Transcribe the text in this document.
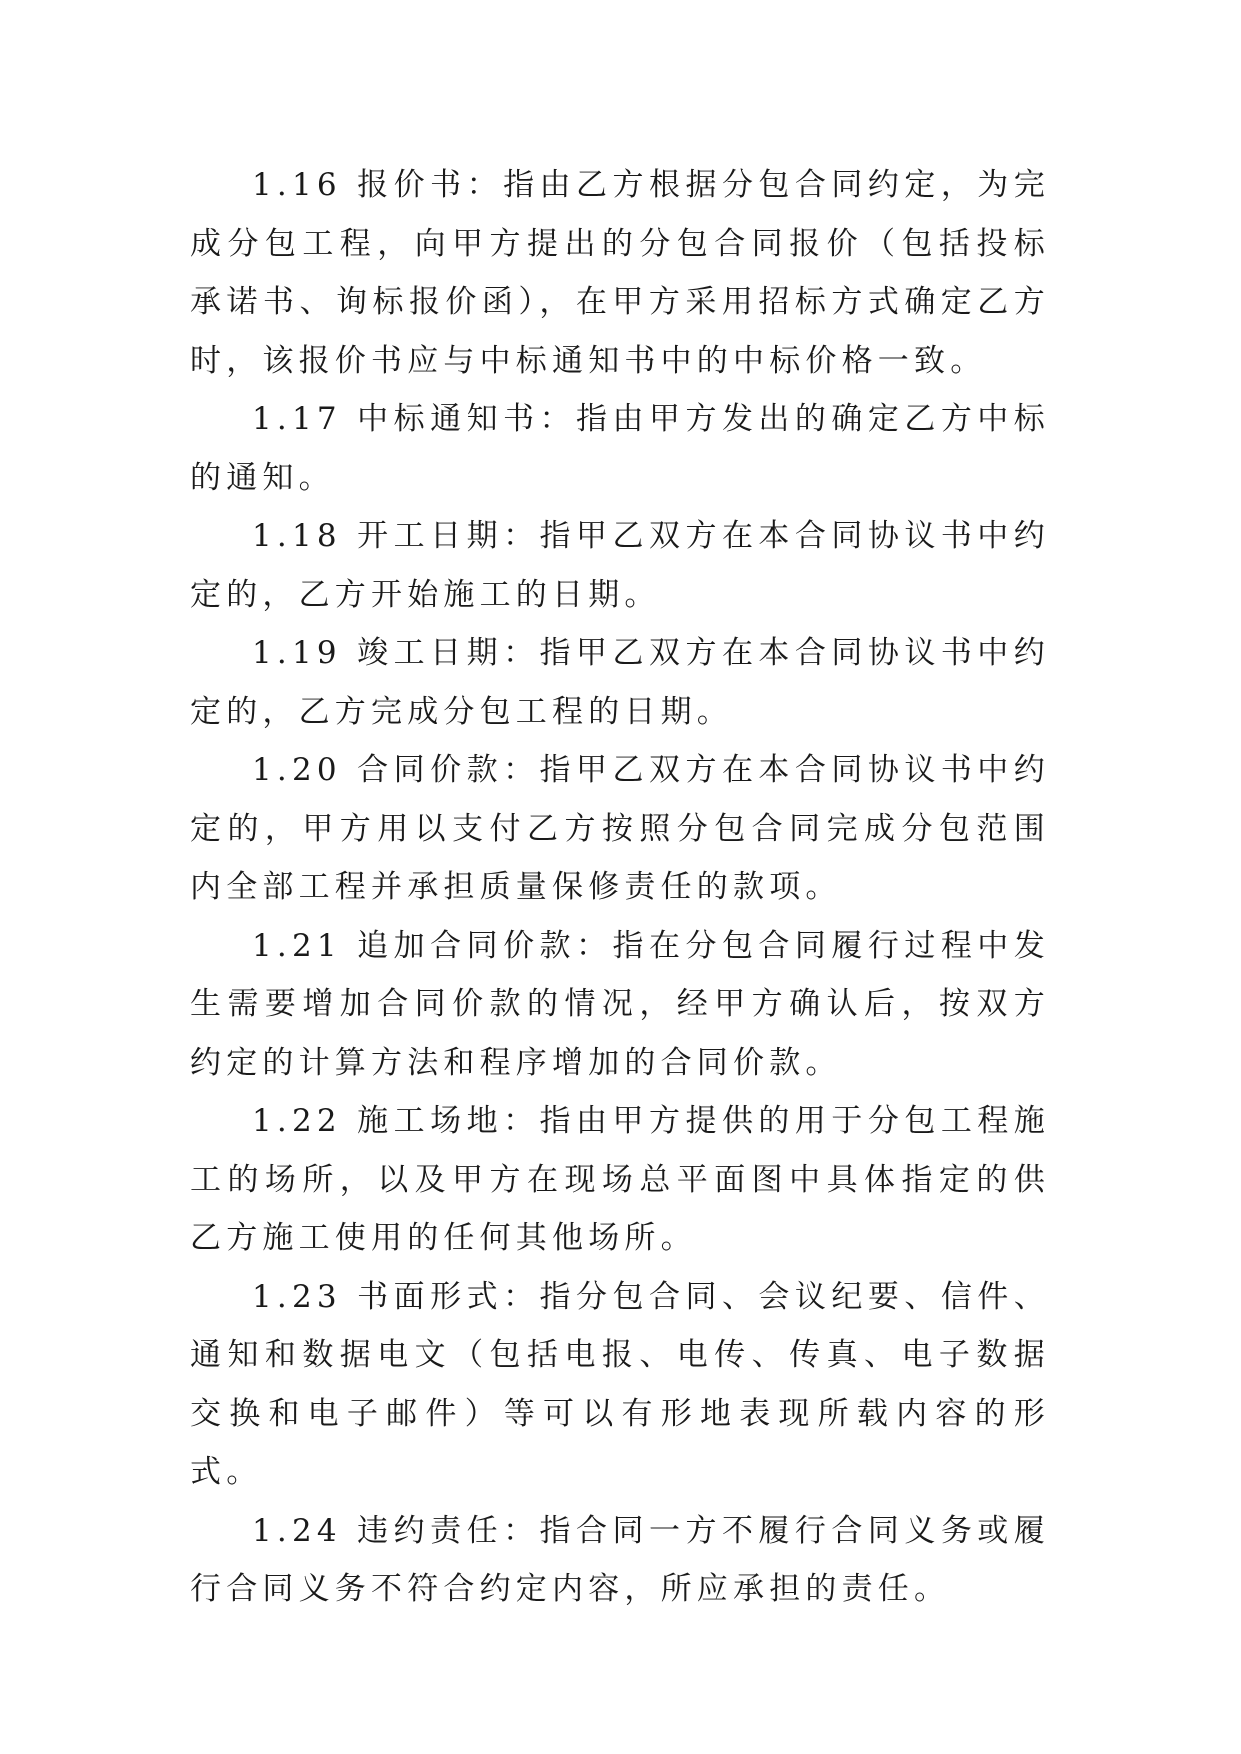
1.16 报价书：指由乙方根据分包合同约定，为完成分包工程，向甲方提出的分包合同报价（包括投标承诺书、询标报价函），在甲方采用招标方式确定乙方时，该报价书应与中标通知书中的中标价格一致。

1.17 中标通知书：指由甲方发出的确定乙方中标的通知。

1.18 开工日期：指甲乙双方在本合同协议书中约定的，乙方开始施工的日期。

1.19 竣工日期：指甲乙双方在本合同协议书中约定的，乙方完成分包工程的日期。

1.20 合同价款：指甲乙双方在本合同协议书中约定的，甲方用以支付乙方按照分包合同完成分包范围内全部工程并承担质量保修责任的款项。

1.21 追加合同价款：指在分包合同履行过程中发生需要增加合同价款的情况，经甲方确认后，按双方约定的计算方法和程序增加的合同价款。

1.22 施工场地：指由甲方提供的用于分包工程施工的场所，以及甲方在现场总平面图中具体指定的供乙方施工使用的任何其他场所。

1.23 书面形式：指分包合同、会议纪要、信件、通知和数据电文（包括电报、电传、传真、电子数据交换和电子邮件）等可以有形地表现所载内容的形式。

1.24 违约责任：指合同一方不履行合同义务或履行合同义务不符合约定内容，所应承担的责任。
